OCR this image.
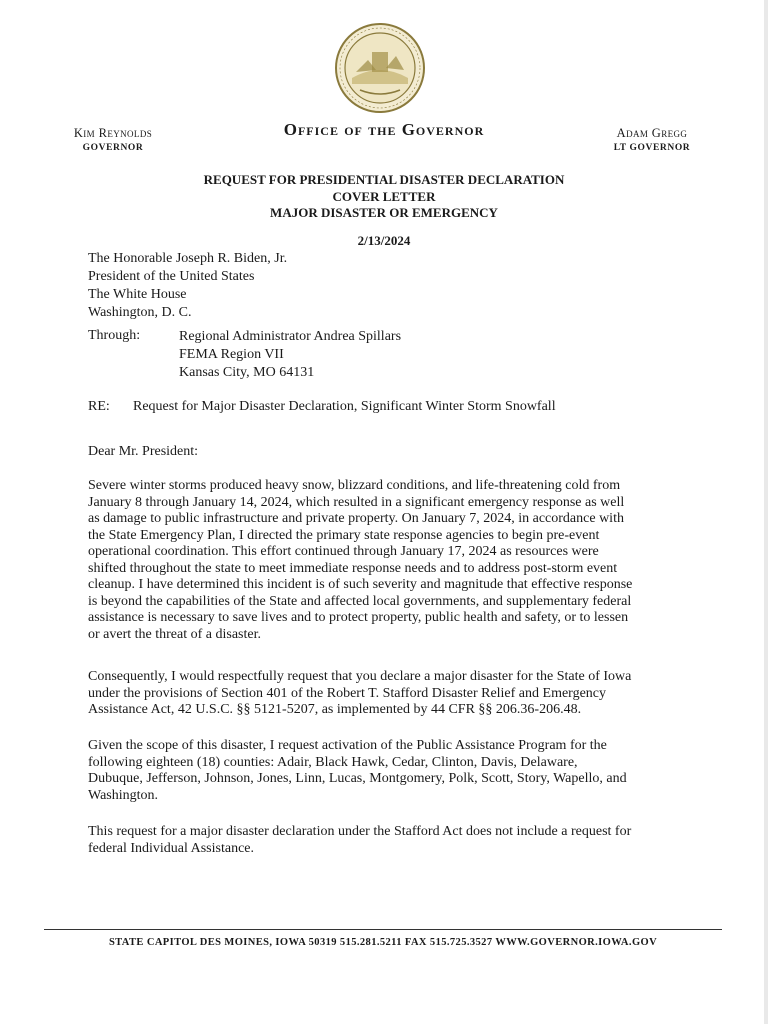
Kim Reynolds
GOVERNOR
Office of the Governor	Adam Gregg
LT GOVERNOR
REQUEST FOR PRESIDENTIAL DISASTER DECLARATION
COVER LETTER
MAJOR DISASTER OR EMERGENCY
2/13/2024
The Honorable Joseph R. Biden, Jr.
President of the United States
The White House
Washington, D. C.
Through:	Regional Administrator Andrea Spillars
FEMA Region VII
Kansas City, MO 64131
RE: Request for Major Disaster Declaration, Significant Winter Storm Snowfall
Dear Mr. President:
Severe winter storms produced heavy snow, blizzard conditions, and life-threatening cold from
January 8 through January 14, 2024, which resulted in a significant emergency response as well
as damage to public infrastructure and private property. On January 7, 2024, in accordance with
the State Emergency Plan, I directed the primary state response agencies to begin pre-event
operational coordination. This effort continued through January 17, 2024 as resources were
shifted throughout the state to meet immediate response needs and to address post-storm event
cleanup. I have determined this incident is of such severity and magnitude that effective response
is beyond the capabilities of the State and affected local governments, and supplementary federal
assistance is necessary to save lives and to protect property, public health and safety, or to lessen
or avert the threat of a disaster.
Consequently, I would respectfully request that you declare a major disaster for the State of Iowa
under the provisions of Section 401 of the Robert T. Stafford Disaster Relief and Emergency
Assistance Act, 42 U.S.C. §§ 5121-5207, as implemented by 44 CFR §§ 206.36-206.48.
Given the scope of this disaster, I request activation of the Public Assistance Program for the
following eighteen (18) counties: Adair, Black Hawk, Cedar, Clinton, Davis, Delaware,
Dubuque, Jefferson, Johnson, Jones, Linn, Lucas, Montgomery, Polk, Scott, Story, Wapello, and
Washington.
This request for a major disaster declaration under the Stafford Act does not include a request for
federal Individual Assistance.
STATE CAPITOL DES MOINES, IOWA 50319 515.281.5211 FAX 515.725.3527 WWW.GOVERNOR.IOWA.GOV
